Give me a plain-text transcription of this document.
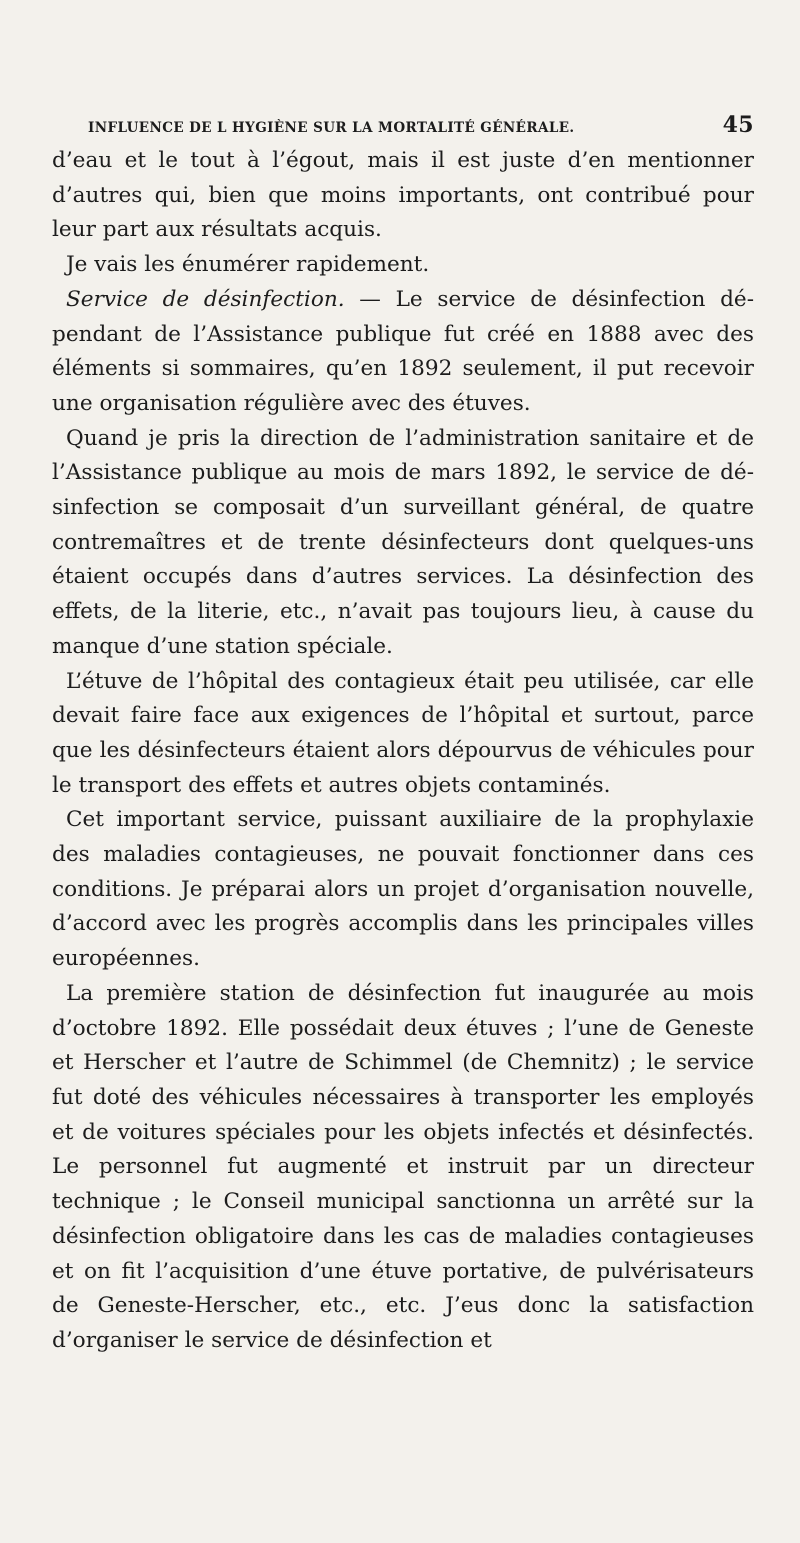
INFLUENCE DE L HYGIÈNE SUR LA MORTALITÉ GÉNÉRALE.	45

d’eau et le tout à l’égout, mais il est juste d’en mentionner d’autres qui, bien que moins importants, ont contribué pour leur part aux résultats acquis.

Je vais les énumérer rapidement.

Service de désinfection. — Le service de désinfection dépendant de l’Assistance publique fut créé en 1888 avec des éléments si sommaires, qu’en 1892 seulement, il put recevoir une organisation régulière avec des étuves.

Quand je pris la direction de l’administration sanitaire et de l’Assistance publique au mois de mars 1892, le service de désinfection se composait d’un surveillant général, de quatre contremaîtres et de trente désinfecteurs dont quelques-uns étaient occupés dans d’autres services. La désinfection des effets, de la literie, etc., n’avait pas toujours lieu, à cause du manque d’une station spéciale.

L’étuve de l’hôpital des contagieux était peu utilisée, car elle devait faire face aux exigences de l’hôpital et surtout, parce que les désinfecteurs étaient alors dépourvus de véhicules pour le transport des effets et autres objets contaminés.

Cet important service, puissant auxiliaire de la prophylaxie des maladies contagieuses, ne pouvait fonctionner dans ces conditions. Je préparai alors un projet d’organisation nouvelle, d’accord avec les progrès accomplis dans les principales villes européennes.

La première station de désinfection fut inaugurée au mois d’octobre 1892. Elle possédait deux étuves ; l’une de Geneste et Herscher et l’autre de Schimmel (de Chemnitz) ; le service fut doté des véhicules nécessaires à transporter les employés et de voitures spéciales pour les objets infectés et désinfectés. Le personnel fut augmenté et instruit par un directeur technique ; le Conseil municipal sanctionna un arrêté sur la désinfection obligatoire dans les cas de maladies contagieuses et on fit l’acquisition d’une étuve portative, de pulvérisateurs de Geneste-Herscher, etc., etc. J’eus donc la satisfaction d’organiser le service de désinfection et
